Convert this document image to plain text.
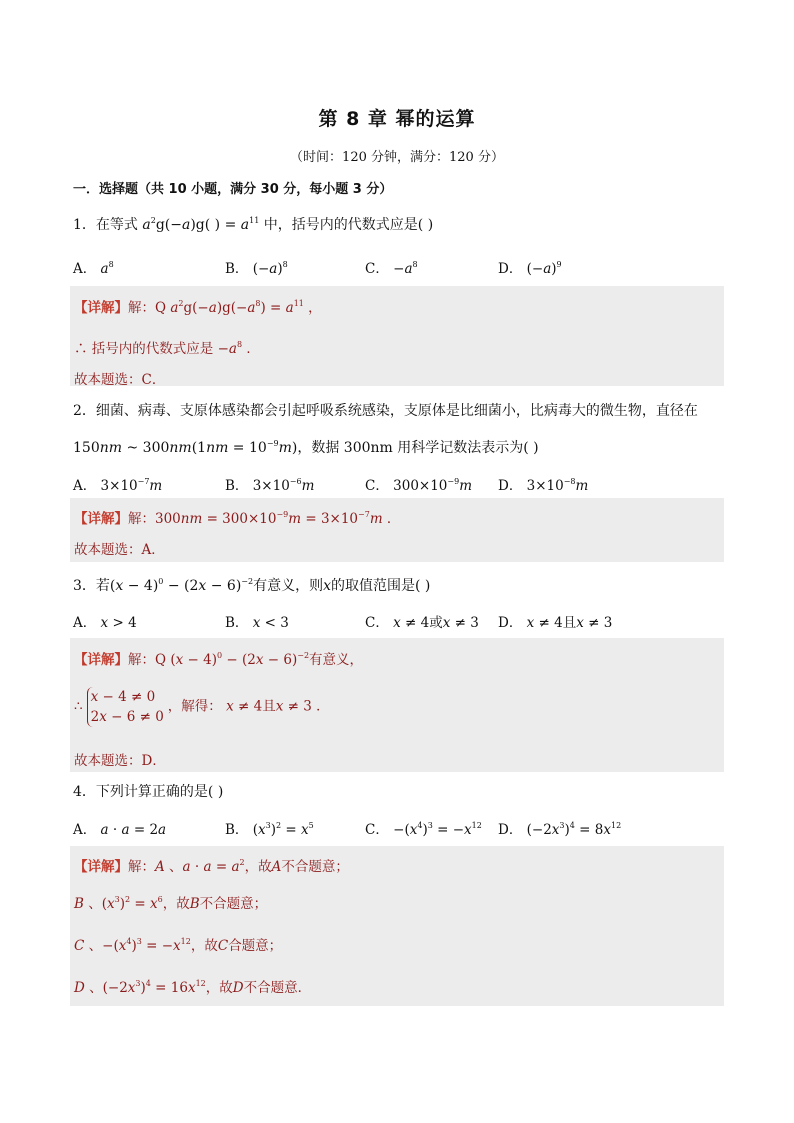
第 8 章 幂的运算
（时间：120 分钟，满分：120 分）
一．选择题（共 10 小题，满分 30 分，每小题 3 分）
1．在等式 $a^2g(-a)g$( ) = $a^{11}$ 中，括号内的代数式应是( )
A． $a^8$	B． $(-a)^8$	C． $-a^8$	D． $(-a)^9$
【详解】解：Q $a^2g(-a)g(-a^8) = a^{11}$ ，
∴ 括号内的代数式应是 $-a^8$ ．
故本题选：C．
2．细菌、病毒、支原体感染都会引起呼吸系统感染，支原体是比细菌小，比病毒大的微生物，直径在
150nm ~ $300nm(1nm = 10^{-9}m)$，数据 300nm 用科学记数法表示为( )
A． $3\times 10^{-7}m$	B． $3\times 10^{-6}m$	C． $300\times 10^{-9}m$ D． $3\times 10^{-8}m$
【详解】解：$300nm = 300\times 10^{-9}m = 3\times 10^{-7}m$ ．
故本题选：A．
3．若$(x - 4)^0 - (2x - 6)^{-2}$有意义，则x的取值范围是( )
A． x > 4	B． x < 3	C． x ≠ 4或x ≠ 3 D． x ≠ 4且x ≠ 3
【详解】解：Q $(x - 4)^0 - (2x - 6)^{-2}$有意义，
∴x − 4 ≠ 0
2x − 6 ≠ 0，解得： x ≠ 4且x ≠ 3 ．
故本题选：D．
4．下列计算正确的是( )
A． a · a = 2a	B． $(x^3)^2 = x^5$	C． $-(x^4)^3 = -x^{12}$ D． $(-2x^3)^4 = 8x^{12}$
【详解】解：A 、$a \cdot a = a^2$，故A不合题意；
B 、$(x^3)^2 = x^6$，故B不合题意；
C 、$-(x^4)^3 = -x^{12}$，故C合题意；
D 、$(-2x^3)^4 = 16x^{12}$，故D不合题意．
